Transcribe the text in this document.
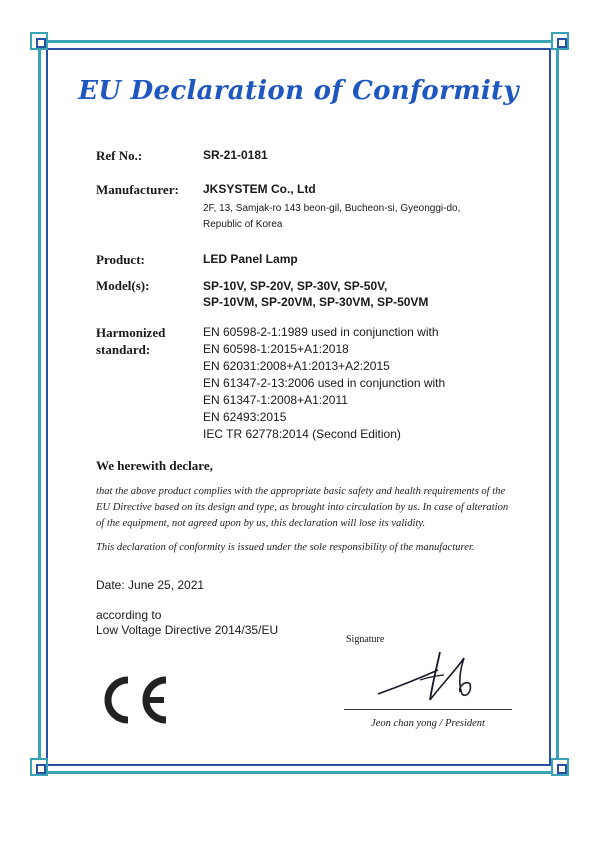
EU Declaration of Conformity
Ref No.:	SR-21-0181
Manufacturer: JKSYSTEM Co., Ltd
2F, 13, Samjak-ro 143 beon-gil, Bucheon-si, Gyeonggi-do,
Republic of Korea
Product:	LED Panel Lamp
Model(s):	SP-10V, SP-20V, SP-30V, SP-50V,
SP-10VM, SP-20VM, SP-30VM, SP-50VM
Harmonized
standard:
EN 60598-2-1:1989 used in conjunction with
EN 60598-1:2015+A1:2018
EN 62031:2008+A1:2013+A2:2015
EN 61347-2-13:2006 used in conjunction with
EN 61347-1:2008+A1:2011
EN 62493:2015
IEC TR 62778:2014 (Second Edition)
We herewith declare,
that the above product complies with the appropriate basic safety and health requirements of the EU Directive based on its design and type, as brought into circulation by us. In case of alteration of the equipment, not agreed upon by us, this declaration will lose its validity.
This declaration of conformity is issued under the sole responsibility of the manufacturer.
Date: June 25, 2021
according to
Low Voltage Directive 2014/35/EU
Signature
Jeon chan yong / President
